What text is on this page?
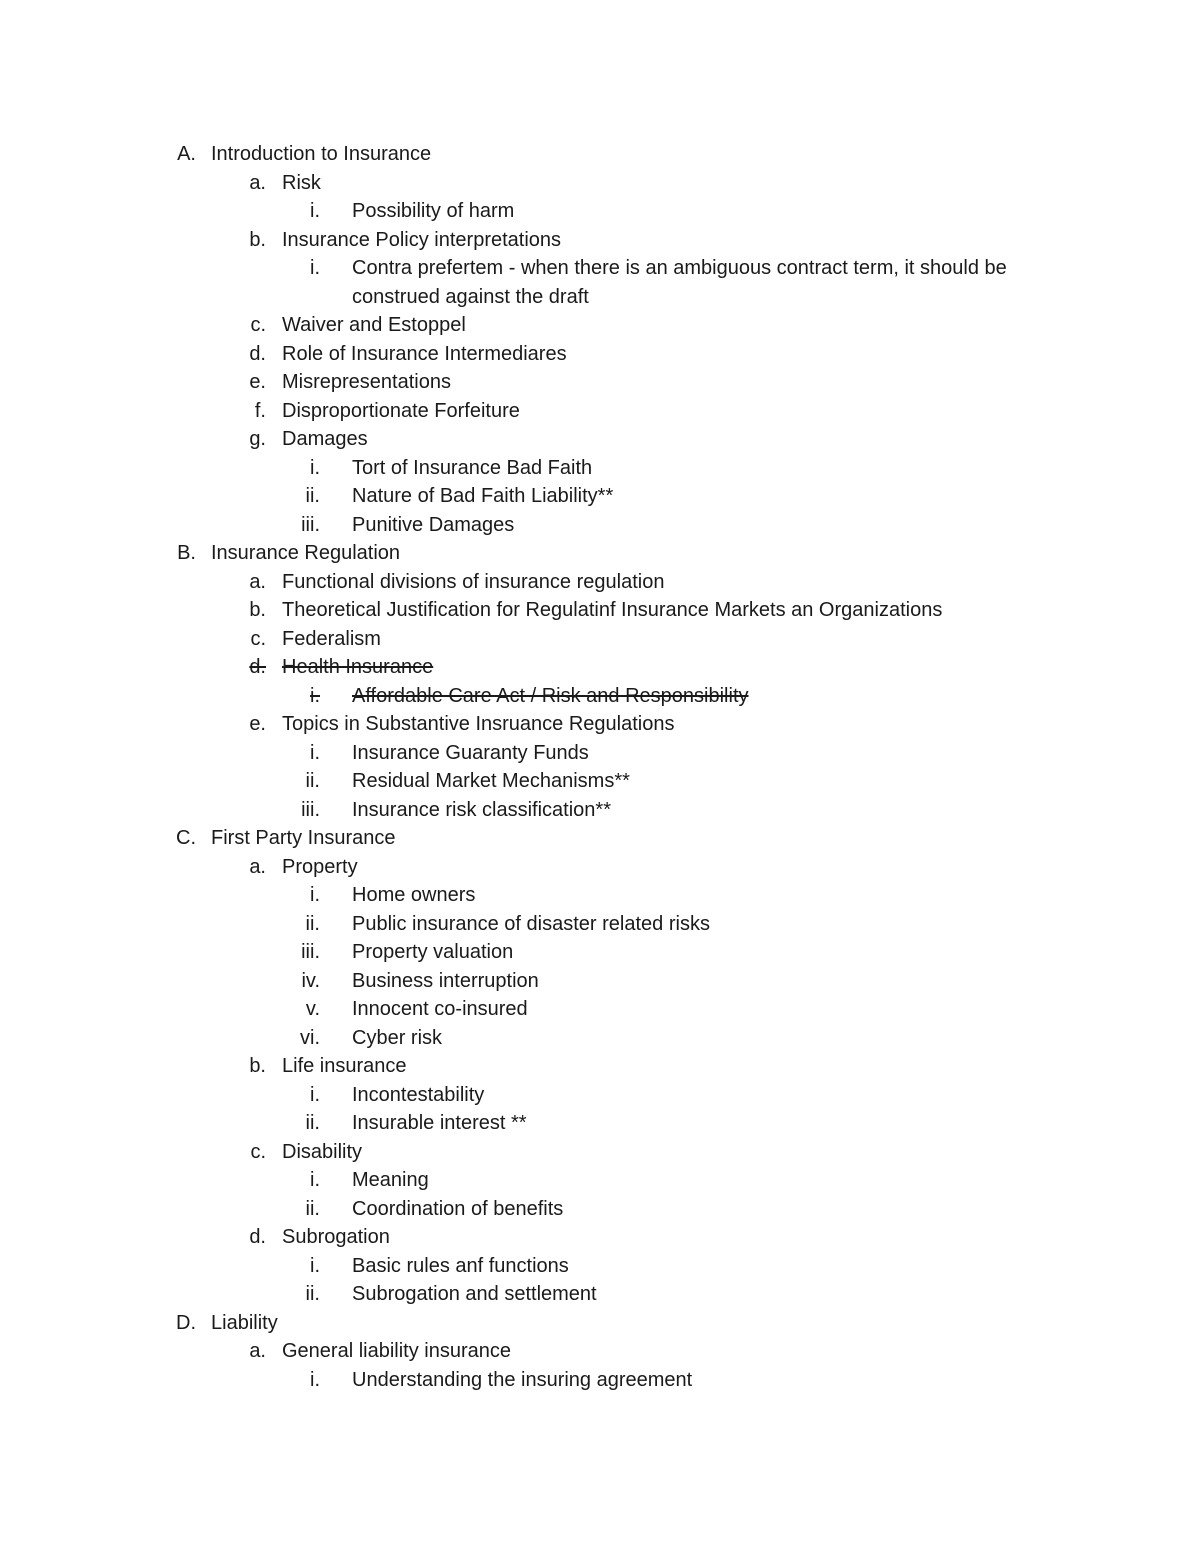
A. Introduction to Insurance
a. Risk
i. Possibility of harm
b. Insurance Policy interpretations
i. Contra prefertem - when there is an ambiguous contract term, it should be construed against the draft
c. Waiver and Estoppel
d. Role of Insurance Intermediares
e. Misrepresentations
f. Disproportionate Forfeiture
g. Damages
i. Tort of Insurance Bad Faith
ii. Nature of Bad Faith Liability**
iii. Punitive Damages
B. Insurance Regulation
a. Functional divisions of insurance regulation
b. Theoretical Justification for Regulatinf Insurance Markets an Organizations
c. Federalism
d. Health Insurance
i. Affordable Care Act / Risk and Responsibility
e. Topics in Substantive Insruance Regulations
i. Insurance Guaranty Funds
ii. Residual Market Mechanisms**
iii. Insurance risk classification**
C. First Party Insurance
a. Property
i. Home owners
ii. Public insurance of disaster related risks
iii. Property valuation
iv. Business interruption
v. Innocent co-insured
vi. Cyber risk
b. Life insurance
i. Incontestability
ii. Insurable interest **
c. Disability
i. Meaning
ii. Coordination of benefits
d. Subrogation
i. Basic rules anf functions
ii. Subrogation and settlement
D. Liability
a. General liability insurance
i. Understanding the insuring agreement
